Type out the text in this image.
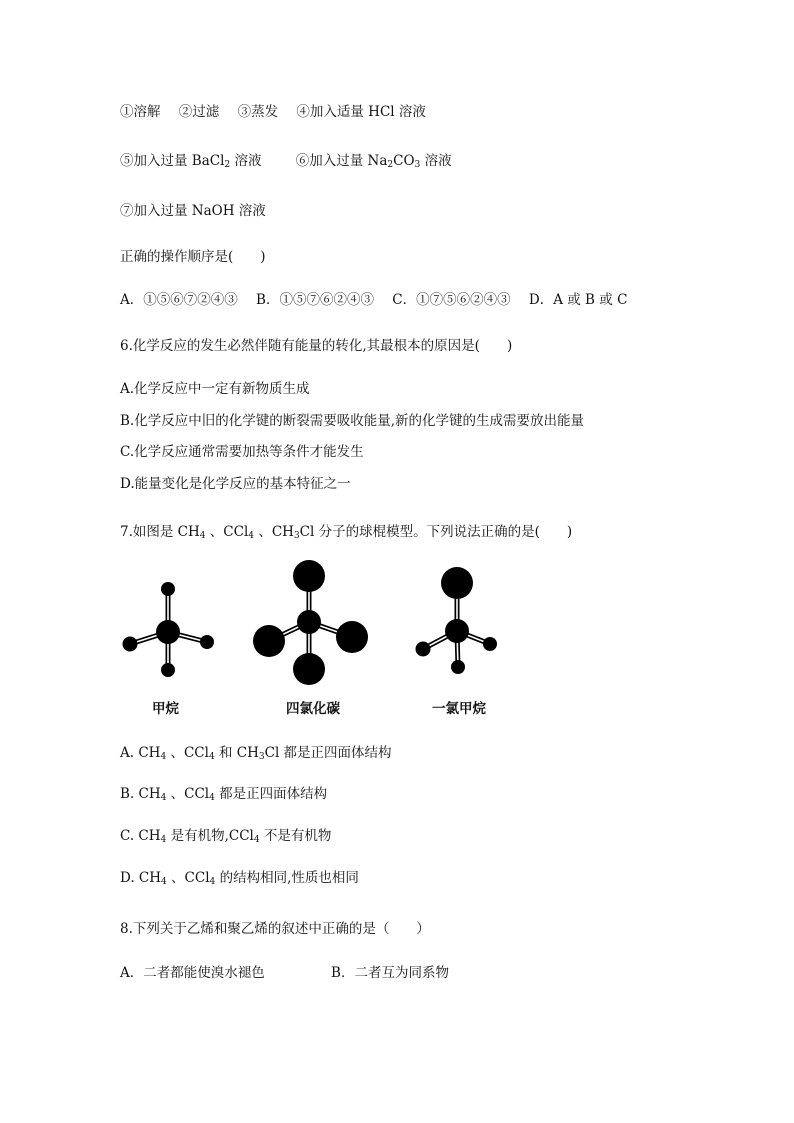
①溶解 ②过滤 ③蒸发 ④加入适量 HCl 溶液
⑤加入过量 BaCl$_2$ 溶液	⑥加入过量 $Na_2CO_3$ 溶液
⑦加入过量 NaOH 溶液
正确的操作顺序是(　　)
A．①⑤⑥⑦②④③ B．①⑤⑦⑥②④③ C．①⑦⑤⑥②④③ D．A 或 B 或 C
6.化学反应的发生必然伴随有能量的转化,其最根本的原因是(　　)
A.化学反应中一定有新物质生成
B.化学反应中旧的化学键的断裂需要吸收能量,新的化学键的生成需要放出能量
C.化学反应通常需要加热等条件才能发生
D.能量变化是化学反应的基本特征之一
7.如图是 $CH_4$ 、CCl$_4$ 、$CH_3Cl$ 分子的球棍模型。下列说法正确的是(　　)
甲烷	四氯化碳	一氯甲烷
A. $CH_4$ 、CCl$_4$ 和 $CH_3Cl$ 都是正四面体结构
B. $CH_4$ 、CCl$_4$ 都是正四面体结构
C. $CH_4$ 是有机物,CCl$_4$ 不是有机物
D. $CH_4$ 、CCl$_4$ 的结构相同,性质也相同
8.下列关于乙烯和聚乙烯的叙述中正确的是（　　）
A．二者都能使溴水褪色	B．二者互为同系物
